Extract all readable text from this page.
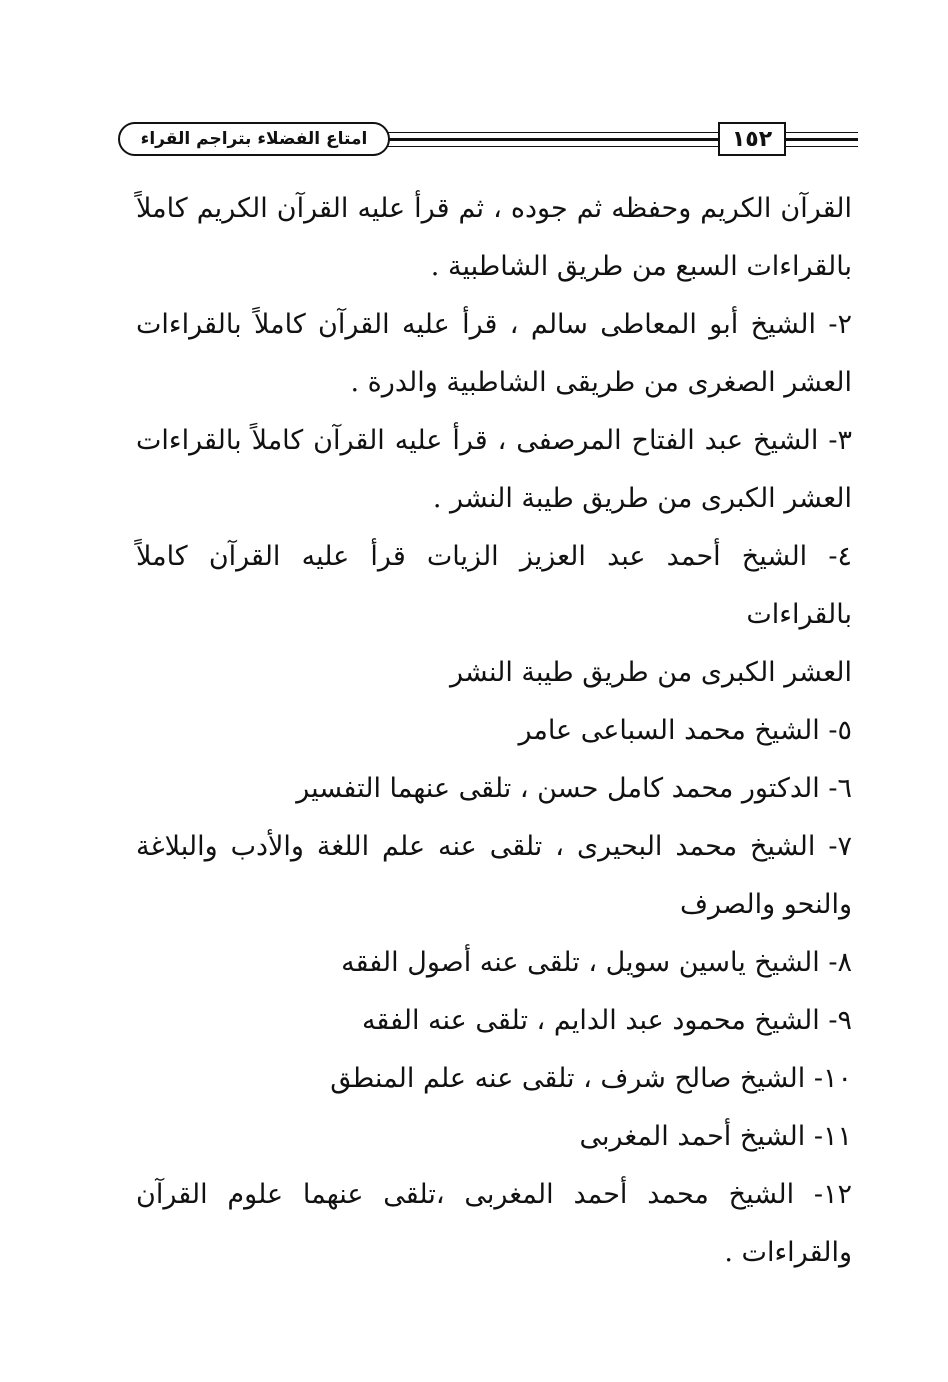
امتاع الفضلاء بتراجم القراء	١٥٢

القرآن الكريم وحفظه ثم جوده ، ثم قرأ عليه القرآن الكريم كاملاً
بالقراءات السبع من طريق الشاطبية .

٢- الشيخ أبو المعاطى سالم ، قرأ عليه القرآن كاملاً بالقراءات
العشر الصغرى من طريقى الشاطبية والدرة .

٣- الشيخ عبد الفتاح المرصفى ، قرأ عليه القرآن كاملاً بالقراءات
العشر الكبرى من طريق طيبة النشر .

٤- الشيخ أحمد عبد العزيز الزيات قرأ عليه القرآن كاملاً بالقراءات
العشر الكبرى من طريق طيبة النشر

٥- الشيخ محمد السباعى عامر

٦- الدكتور محمد كامل حسن ، تلقى عنهما التفسير

٧- الشيخ محمد البحيرى ، تلقى عنه علم اللغة والأدب والبلاغة
والنحو والصرف

٨- الشيخ ياسين سويل ، تلقى عنه أصول الفقه

٩- الشيخ محمود عبد الدايم ، تلقى عنه الفقه

١٠- الشيخ صالح شرف ، تلقى عنه علم المنطق

١١- الشيخ أحمد المغربى

١٢- الشيخ محمد أحمد المغربى ،تلقى عنهما علوم القرآن
والقراءات .
